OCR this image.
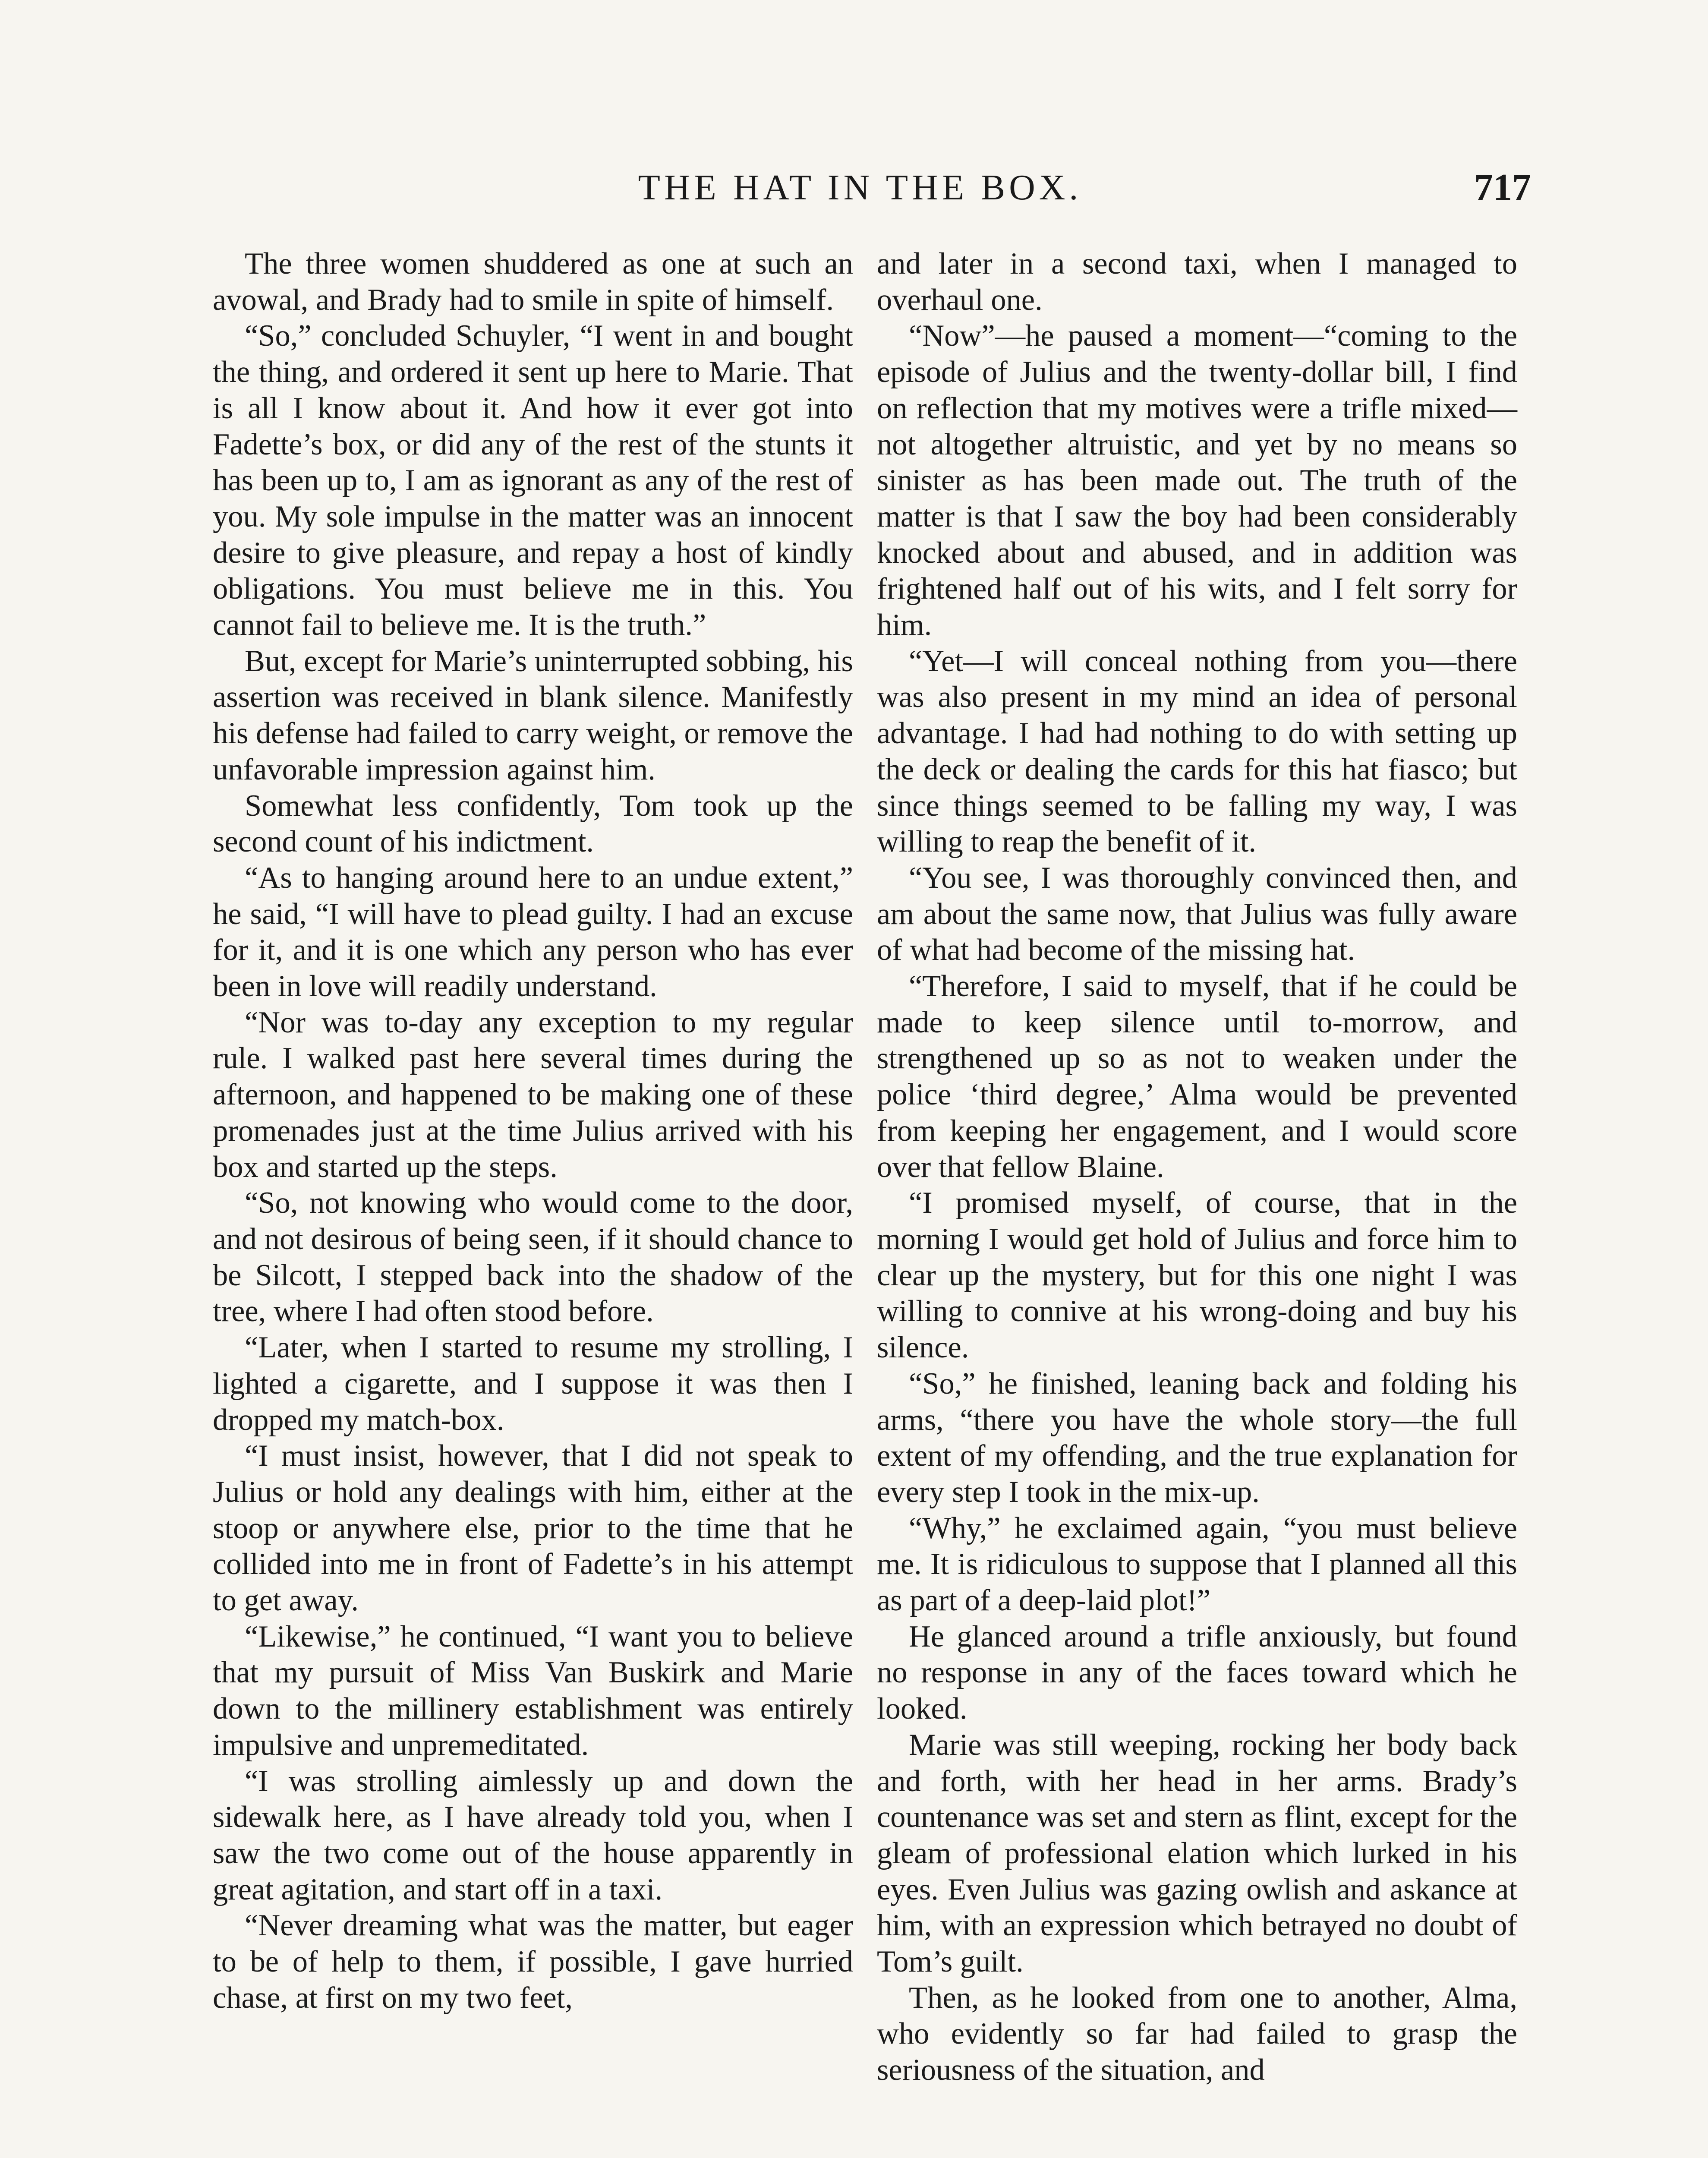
THE HAT IN THE BOX.	717

The three women shuddered as one at such an avowal, and Brady had to smile in spite of himself.

“So,” concluded Schuyler, “I went in and bought the thing, and ordered it sent up here to Marie. That is all I know about it. And how it ever got into Fadette’s box, or did any of the rest of the stunts it has been up to, I am as ignorant as any of the rest of you. My sole impulse in the matter was an innocent desire to give pleasure, and repay a host of kindly obligations. You must believe me in this. You cannot fail to believe me. It is the truth.”

But, except for Marie’s uninterrupted sobbing, his assertion was received in blank silence. Manifestly his defense had failed to carry weight, or remove the unfavorable impression against him.

Somewhat less confidently, Tom took up the second count of his indictment.

“As to hanging around here to an undue extent,” he said, “I will have to plead guilty. I had an excuse for it, and it is one which any person who has ever been in love will readily understand.

“Nor was to-day any exception to my regular rule. I walked past here several times during the afternoon, and happened to be making one of these promenades just at the time Julius arrived with his box and started up the steps.

“So, not knowing who would come to the door, and not desirous of being seen, if it should chance to be Silcott, I stepped back into the shadow of the tree, where I had often stood before.

“Later, when I started to resume my strolling, I lighted a cigarette, and I suppose it was then I dropped my match-box.

“I must insist, however, that I did not speak to Julius or hold any dealings with him, either at the stoop or anywhere else, prior to the time that he collided into me in front of Fadette’s in his attempt to get away.

“Likewise,” he continued, “I want you to believe that my pursuit of Miss Van Buskirk and Marie down to the millinery establishment was entirely impulsive and unpremeditated.

“I was strolling aimlessly up and down the sidewalk here, as I have already told you, when I saw the two come out of the house apparently in great agitation, and start off in a taxi.

“Never dreaming what was the matter, but eager to be of help to them, if possible, I gave hurried chase, at first on my two feet,

and later in a second taxi, when I managed to overhaul one.

“Now”—he paused a moment—“coming to the episode of Julius and the twenty-dollar bill, I find on reflection that my motives were a trifle mixed—not altogether altruistic, and yet by no means so sinister as has been made out. The truth of the matter is that I saw the boy had been considerably knocked about and abused, and in addition was frightened half out of his wits, and I felt sorry for him.

“Yet—I will conceal nothing from you—there was also present in my mind an idea of personal advantage. I had had nothing to do with setting up the deck or dealing the cards for this hat fiasco; but since things seemed to be falling my way, I was willing to reap the benefit of it.

“You see, I was thoroughly convinced then, and am about the same now, that Julius was fully aware of what had become of the missing hat.

“Therefore, I said to myself, that if he could be made to keep silence until to-morrow, and strengthened up so as not to weaken under the police ‘third degree,’ Alma would be prevented from keeping her engagement, and I would score over that fellow Blaine.

“I promised myself, of course, that in the morning I would get hold of Julius and force him to clear up the mystery, but for this one night I was willing to connive at his wrong-doing and buy his silence.

“So,” he finished, leaning back and folding his arms, “there you have the whole story—the full extent of my offending, and the true explanation for every step I took in the mix-up.

“Why,” he exclaimed again, “you must believe me. It is ridiculous to suppose that I planned all this as part of a deep-laid plot!”

He glanced around a trifle anxiously, but found no response in any of the faces toward which he looked.

Marie was still weeping, rocking her body back and forth, with her head in her arms. Brady’s countenance was set and stern as flint, except for the gleam of professional elation which lurked in his eyes. Even Julius was gazing owlish and askance at him, with an expression which betrayed no doubt of Tom’s guilt.

Then, as he looked from one to another, Alma, who evidently so far had failed to grasp the seriousness of the situation, and
